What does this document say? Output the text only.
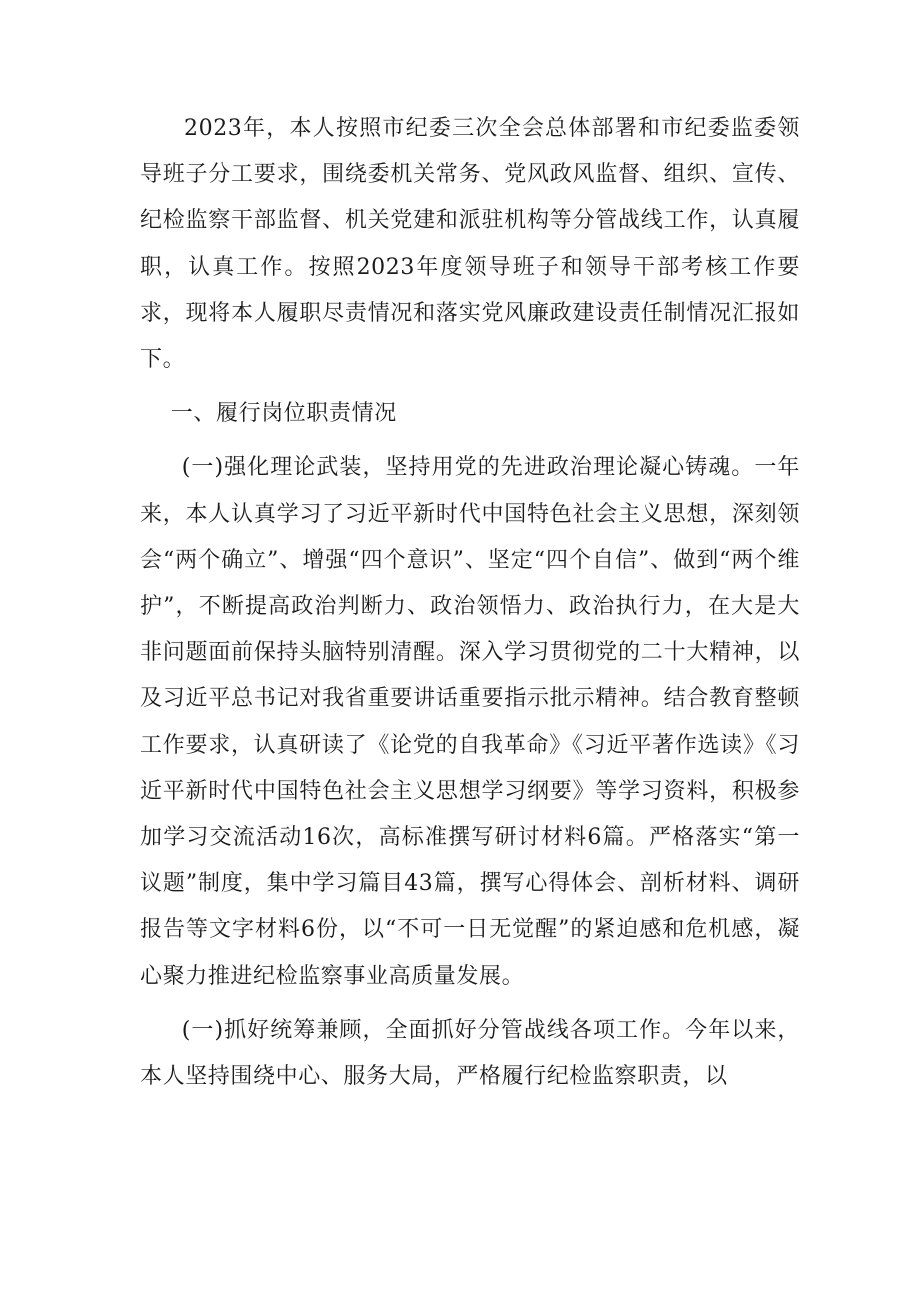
2023年，本人按照市纪委三次全会总体部署和市纪委监委领导班子分工要求，围绕委机关常务、党风政风监督、组织、宣传、纪检监察干部监督、机关党建和派驻机构等分管战线工作，认真履职，认真工作。按照2023年度领导班子和领导干部考核工作要求，现将本人履职尽责情况和落实党风廉政建设责任制情况汇报如下。

一、履行岗位职责情况

(一)强化理论武装，坚持用党的先进政治理论凝心铸魂。一年来，本人认真学习了习近平新时代中国特色社会主义思想，深刻领会“两个确立”、增强“四个意识”、坚定“四个自信”、做到“两个维护”，不断提高政治判断力、政治领悟力、政治执行力，在大是大非问题面前保持头脑特别清醒。深入学习贯彻党的二十大精神，以及习近平总书记对我省重要讲话重要指示批示精神。结合教育整顿工作要求，认真研读了《论党的自我革命》《习近平著作选读》《习近平新时代中国特色社会主义思想学习纲要》等学习资料，积极参加学习交流活动16次，高标准撰写研讨材料6篇。严格落实“第一议题”制度，集中学习篇目43篇，撰写心得体会、剖析材料、调研报告等文字材料6份，以“不可一日无觉醒”的紧迫感和危机感，凝心聚力推进纪检监察事业高质量发展。

(一)抓好统筹兼顾，全面抓好分管战线各项工作。今年以来，本人坚持围绕中心、服务大局，严格履行纪检监察职责，以
